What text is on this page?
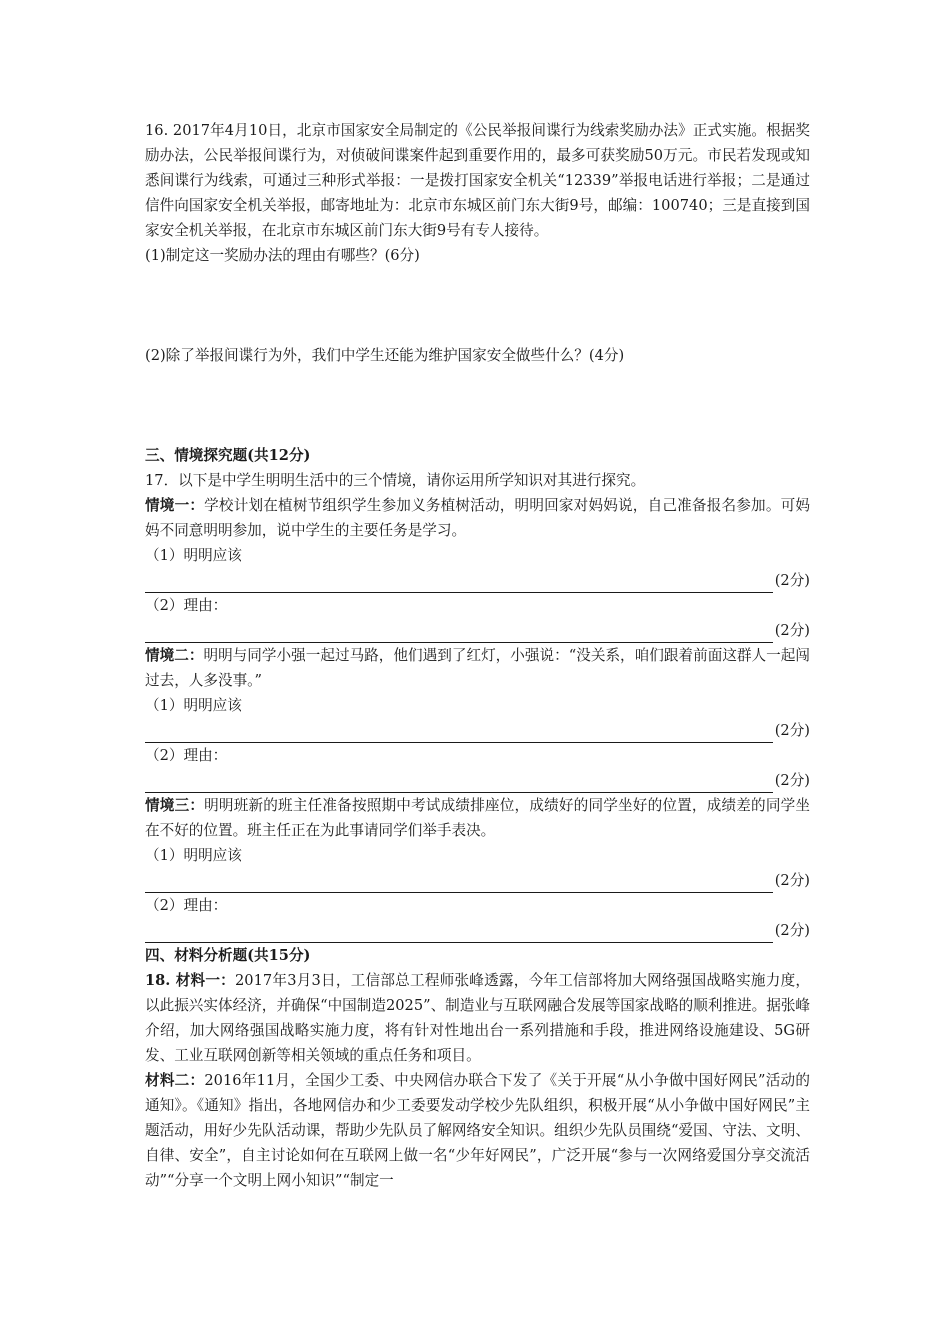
16. 2017年4月10日，北京市国家安全局制定的《公民举报间谍行为线索奖励办法》正式实施。根据奖励办法，公民举报间谍行为，对侦破间谍案件起到重要作用的，最多可获奖励50万元。市民若发现或知悉间谍行为线索，可通过三种形式举报：一是拨打国家安全机关“12339”举报电话进行举报；二是通过信件向国家安全机关举报，邮寄地址为：北京市东城区前门东大街9号，邮编：100740；三是直接到国家安全机关举报，在北京市东城区前门东大街9号有专人接待。

(1)制定这一奖励办法的理由有哪些？(6分)

(2)除了举报间谍行为外，我们中学生还能为维护国家安全做些什么？(4分)

三、情境探究题(共12分)

17．以下是中学生明明生活中的三个情境，请你运用所学知识对其进行探究。

情境一：学校计划在植树节组织学生参加义务植树活动，明明回家对妈妈说，自己准备报名参加。可妈妈不同意明明参加，说中学生的主要任务是学习。

（1）明明应该

(2分)

（2）理由：

(2分)

情境二：明明与同学小强一起过马路，他们遇到了红灯，小强说：“没关系，咱们跟着前面这群人一起闯过去，人多没事。”

（1）明明应该

(2分)

（2）理由：

(2分)

情境三：明明班新的班主任准备按照期中考试成绩排座位，成绩好的同学坐好的位置，成绩差的同学坐在不好的位置。班主任正在为此事请同学们举手表决。

（1）明明应该

(2分)

（2）理由：

(2分)

四、材料分析题(共15分)

18. 材料一：2017年3月3日，工信部总工程师张峰透露，今年工信部将加大网络强国战略实施力度，以此振兴实体经济，并确保“中国制造2025”、制造业与互联网融合发展等国家战略的顺利推进。据张峰介绍，加大网络强国战略实施力度，将有针对性地出台一系列措施和手段，推进网络设施建设、5G研发、工业互联网创新等相关领域的重点任务和项目。

材料二：2016年11月，全国少工委、中央网信办联合下发了《关于开展“从小争做中国好网民”活动的通知》。《通知》指出，各地网信办和少工委要发动学校少先队组织，积极开展“从小争做中国好网民”主题活动，用好少先队活动课，帮助少先队员了解网络安全知识。组织少先队员围绕“爱国、守法、文明、自律、安全”，自主讨论如何在互联网上做一名“少年好网民”，广泛开展“参与一次网络爱国分享交流活动”“分享一个文明上网小知识”“制定一
